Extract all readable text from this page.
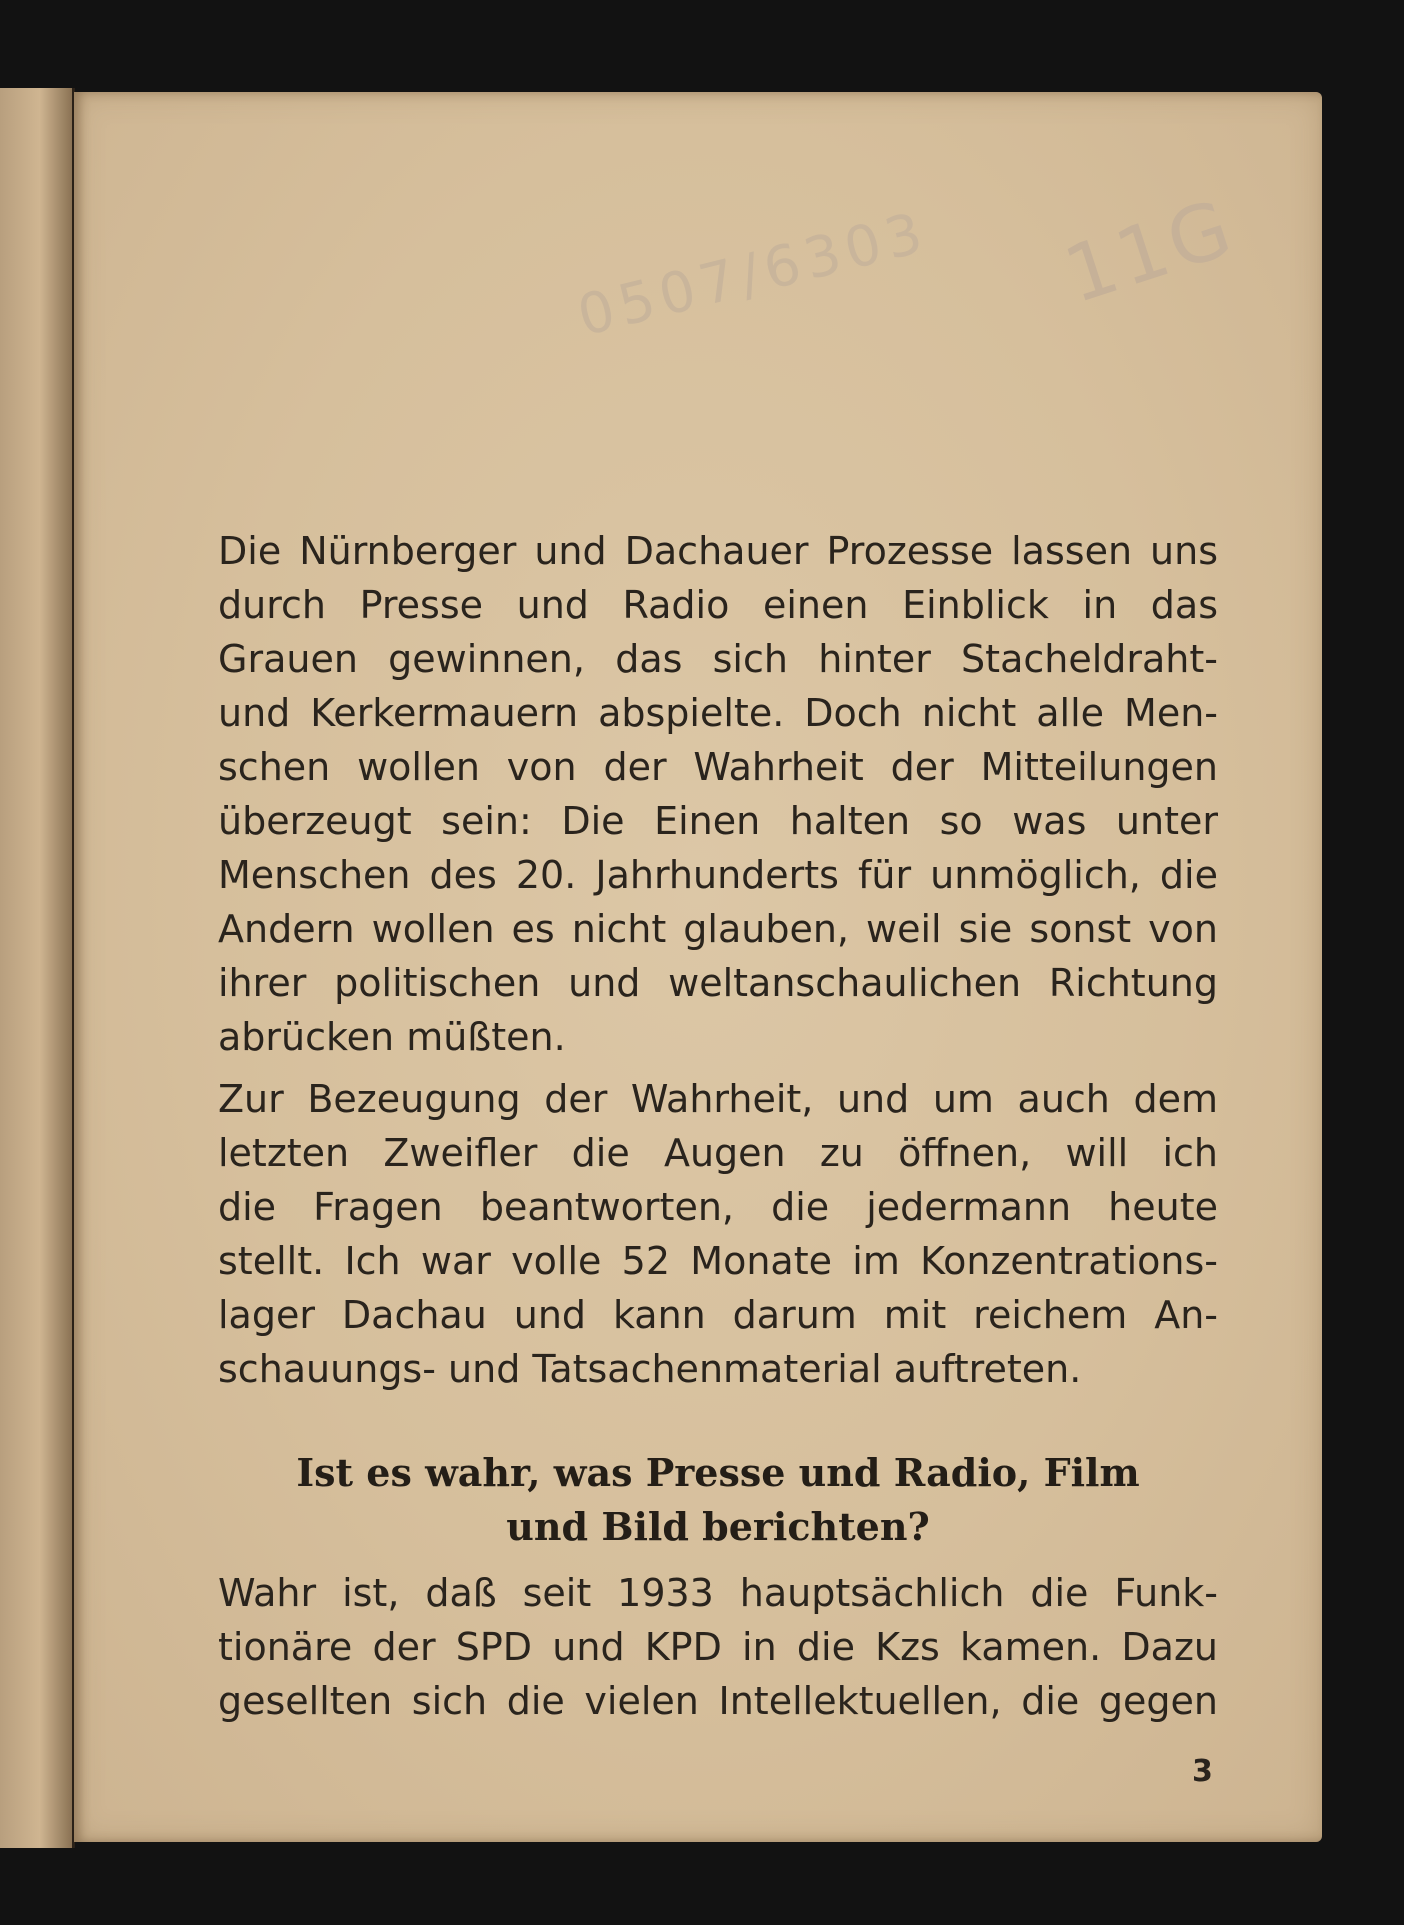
0507/6303 11G

Die Nürnberger und Dachauer Prozesse lassen uns
durch Presse und Radio einen Einblick in das
Grauen gewinnen, das sich hinter Stacheldraht-
und Kerkermauern abspielte. Doch nicht alle Men-
schen wollen von der Wahrheit der Mitteilungen
überzeugt sein: Die Einen halten so was unter
Menschen des 20. Jahrhunderts für unmöglich, die
Andern wollen es nicht glauben, weil sie sonst von
ihrer politischen und weltanschaulichen Richtung
abrücken müßten.

Zur Bezeugung der Wahrheit, und um auch dem
letzten Zweifler die Augen zu öffnen, will ich
die Fragen beantworten, die jedermann heute
stellt. Ich war volle 52 Monate im Konzentrations-
lager Dachau und kann darum mit reichem An-
schauungs- und Tatsachenmaterial auftreten.

Ist es wahr, was Presse und Radio, Film
und Bild berichten?

Wahr ist, daß seit 1933 hauptsächlich die Funk-
tionäre der SPD und KPD in die Kzs kamen. Dazu
gesellten sich die vielen Intellektuellen, die gegen

3
